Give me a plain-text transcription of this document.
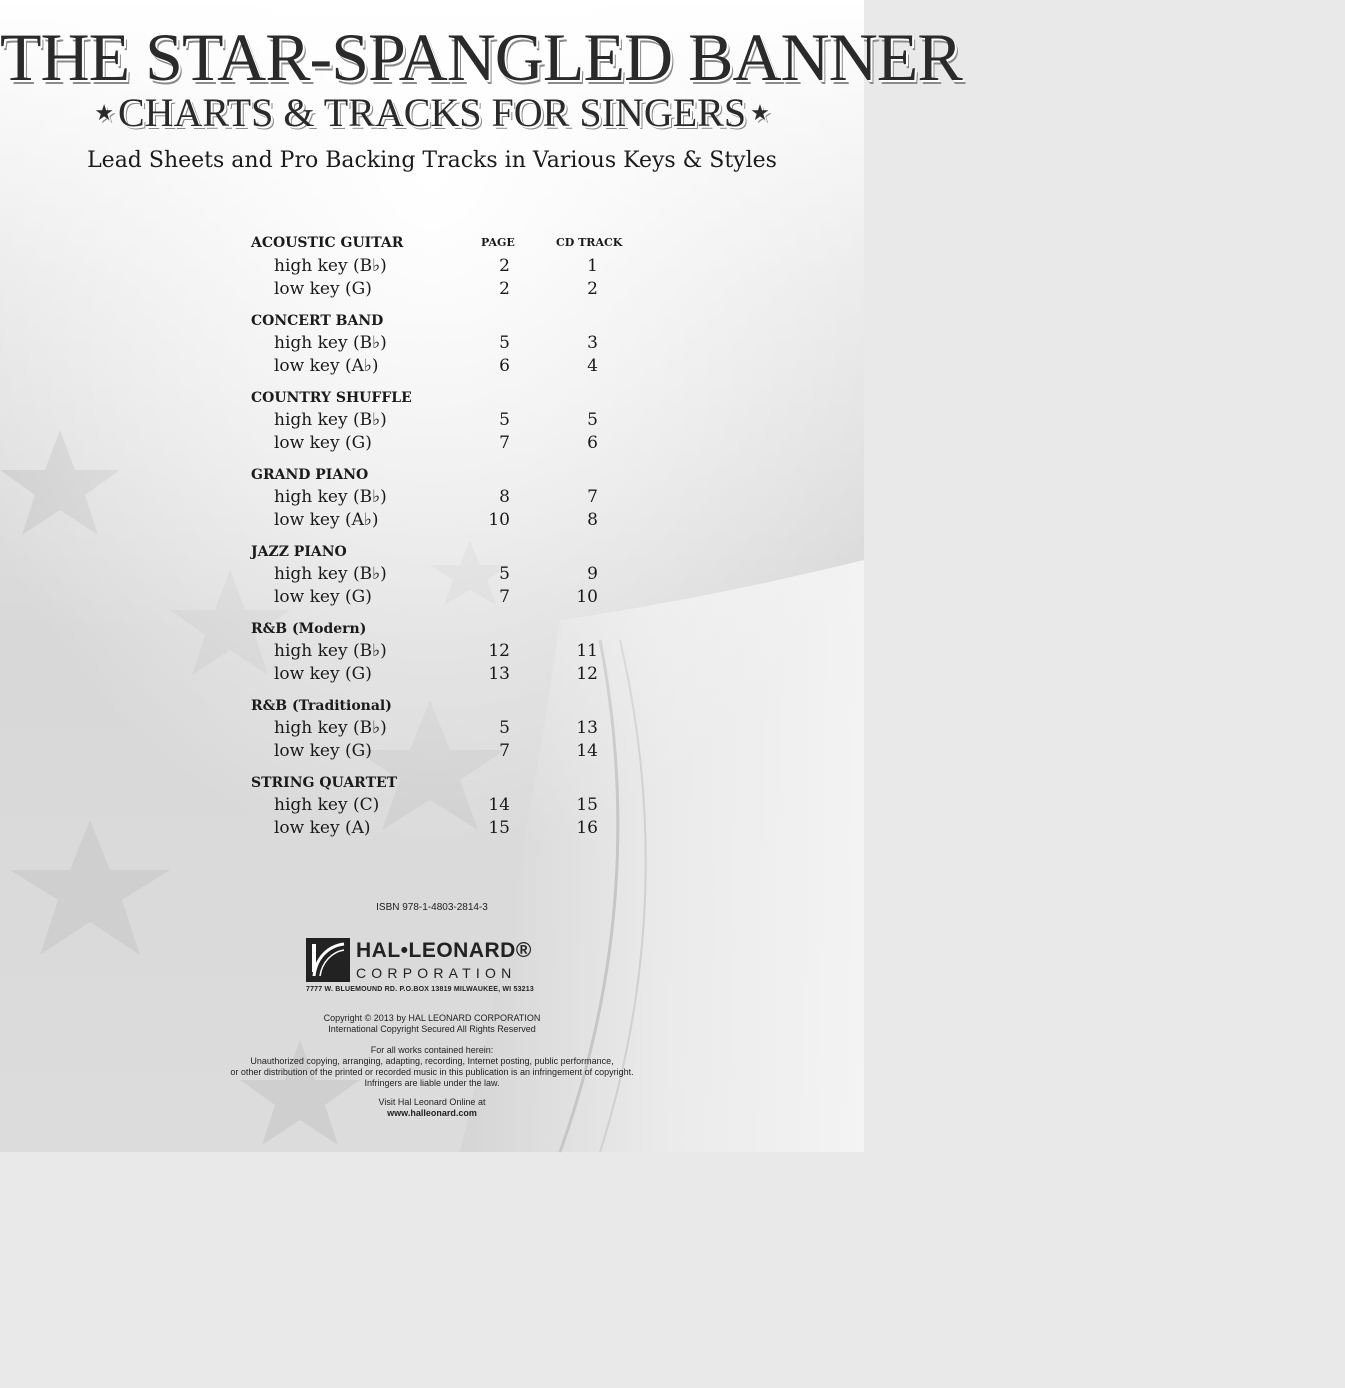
THE STAR-SPANGLED BANNER
★ CHARTS & TRACKS FOR SINGERS ★
Lead Sheets and Pro Backing Tracks in Various Keys & Styles
ACOUSTIC GUITAR	PAGE	CD TRACK
high key (B♭)	2	1
low key (G)	2	2
CONCERT BAND
high key (B♭)	5	3
low key (A♭)	6	4
COUNTRY SHUFFLE
high key (B♭)	5	5
low key (G)	7	6
GRAND PIANO
high key (B♭)	8	7
low key (A♭)	10	8
JAZZ PIANO
high key (B♭)	5	9
low key (G)	7	10
R&B (Modern)
high key (B♭)	12	11
low key (G)	13	12
R&B (Traditional)
high key (B♭)	5	13
low key (G)	7	14
STRING QUARTET
high key (C)	14	15
low key (A)	15	16
ISBN 978-1-4803-2814-3
HAL•LEONARD®
CORPORATION
7777 W. BLUEMOUND RD. P.O.BOX 13819 MILWAUKEE, WI 53213
Copyright © 2013 by HAL LEONARD CORPORATION
International Copyright Secured All Rights Reserved
For all works contained herein:
Unauthorized copying, arranging, adapting, recording, Internet posting, public performance,
or other distribution of the printed or recorded music in this publication is an infringement of copyright.
Infringers are liable under the law.
Visit Hal Leonard Online at
www.halleonard.com
